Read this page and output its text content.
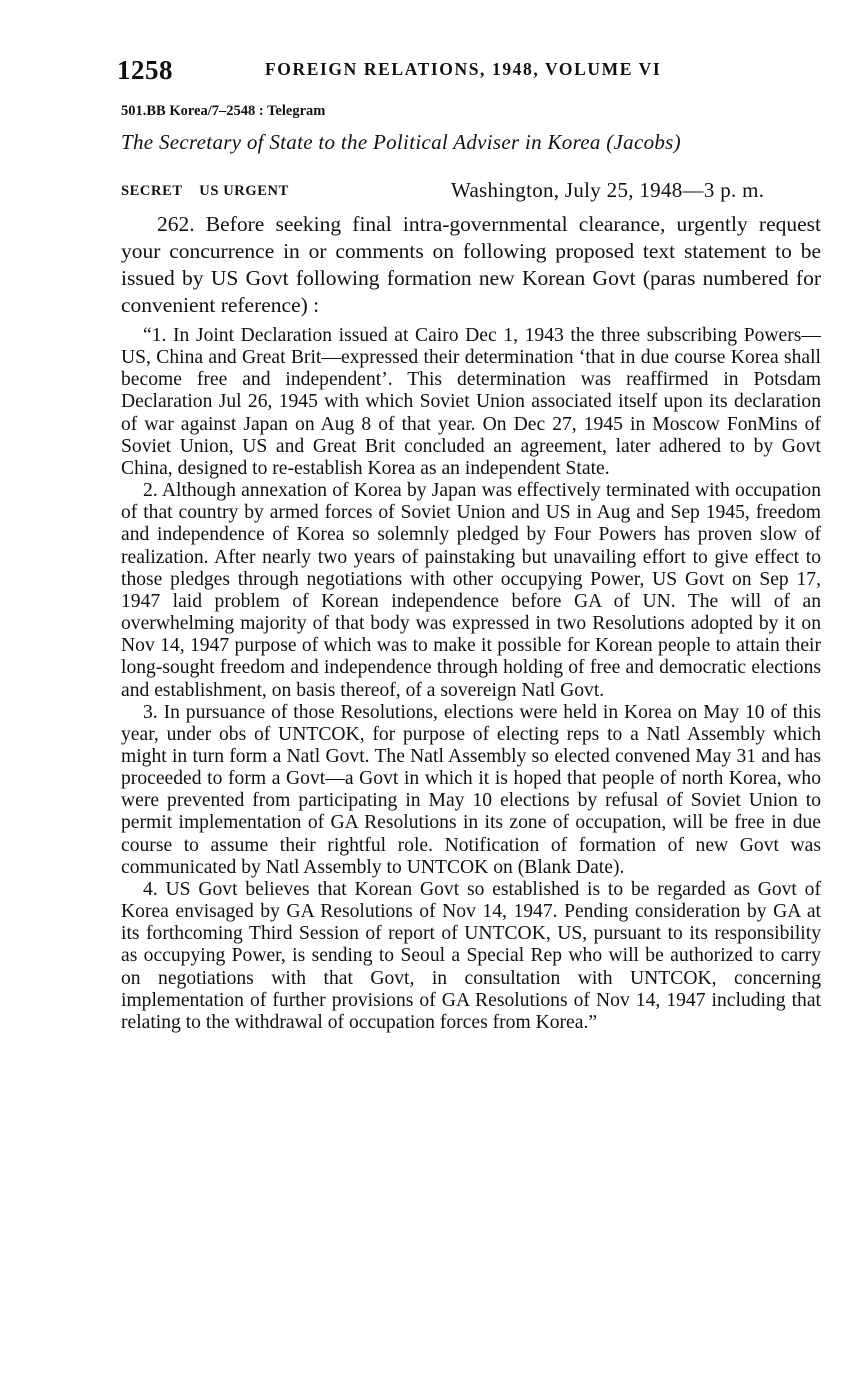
1258	FOREIGN RELATIONS, 1948, VOLUME VI
501.BB Korea/7–2548 : Telegram
The Secretary of State to the Political Adviser in Korea (Jacobs)
SECRET    US URGENT	Washington, July 25, 1948—3 p. m.

262. Before seeking final intra-governmental clearance, urgently request your concurrence in or comments on following proposed text statement to be issued by US Govt following formation new Korean Govt (paras numbered for convenient reference) :

“1. In Joint Declaration issued at Cairo Dec 1, 1943 the three subscribing Powers—US, China and Great Brit—expressed their determination ‘that in due course Korea shall become free and independent’. This determination was reaffirmed in Potsdam Declaration Jul 26, 1945 with which Soviet Union associated itself upon its declaration of war against Japan on Aug 8 of that year. On Dec 27, 1945 in Moscow FonMins of Soviet Union, US and Great Brit concluded an agreement, later adhered to by Govt China, designed to re-establish Korea as an independent State.

2. Although annexation of Korea by Japan was effectively terminated with occupation of that country by armed forces of Soviet Union and US in Aug and Sep 1945, freedom and independence of Korea so solemnly pledged by Four Powers has proven slow of realization. After nearly two years of painstaking but unavailing effort to give effect to those pledges through negotiations with other occupying Power, US Govt on Sep 17, 1947 laid problem of Korean independence before GA of UN. The will of an overwhelming majority of that body was expressed in two Resolutions adopted by it on Nov 14, 1947 purpose of which was to make it possible for Korean people to attain their long-sought freedom and independence through holding of free and democratic elections and establishment, on basis thereof, of a sovereign Natl Govt.

3. In pursuance of those Resolutions, elections were held in Korea on May 10 of this year, under obs of UNTCOK, for purpose of electing reps to a Natl Assembly which might in turn form a Natl Govt. The Natl Assembly so elected convened May 31 and has proceeded to form a Govt—a Govt in which it is hoped that people of north Korea, who were prevented from participating in May 10 elections by refusal of Soviet Union to permit implementation of GA Resolutions in its zone of occupation, will be free in due course to assume their rightful role. Notification of formation of new Govt was communicated by Natl Assembly to UNTCOK on (Blank Date).

4. US Govt believes that Korean Govt so established is to be regarded as Govt of Korea envisaged by GA Resolutions of Nov 14, 1947. Pending consideration by GA at its forthcoming Third Session of report of UNTCOK, US, pursuant to its responsibility as occupying Power, is sending to Seoul a Special Rep who will be authorized to carry on negotiations with that Govt, in consultation with UNTCOK, concerning implementation of further provisions of GA Resolutions of Nov 14, 1947 including that relating to the withdrawal of occupation forces from Korea.”
